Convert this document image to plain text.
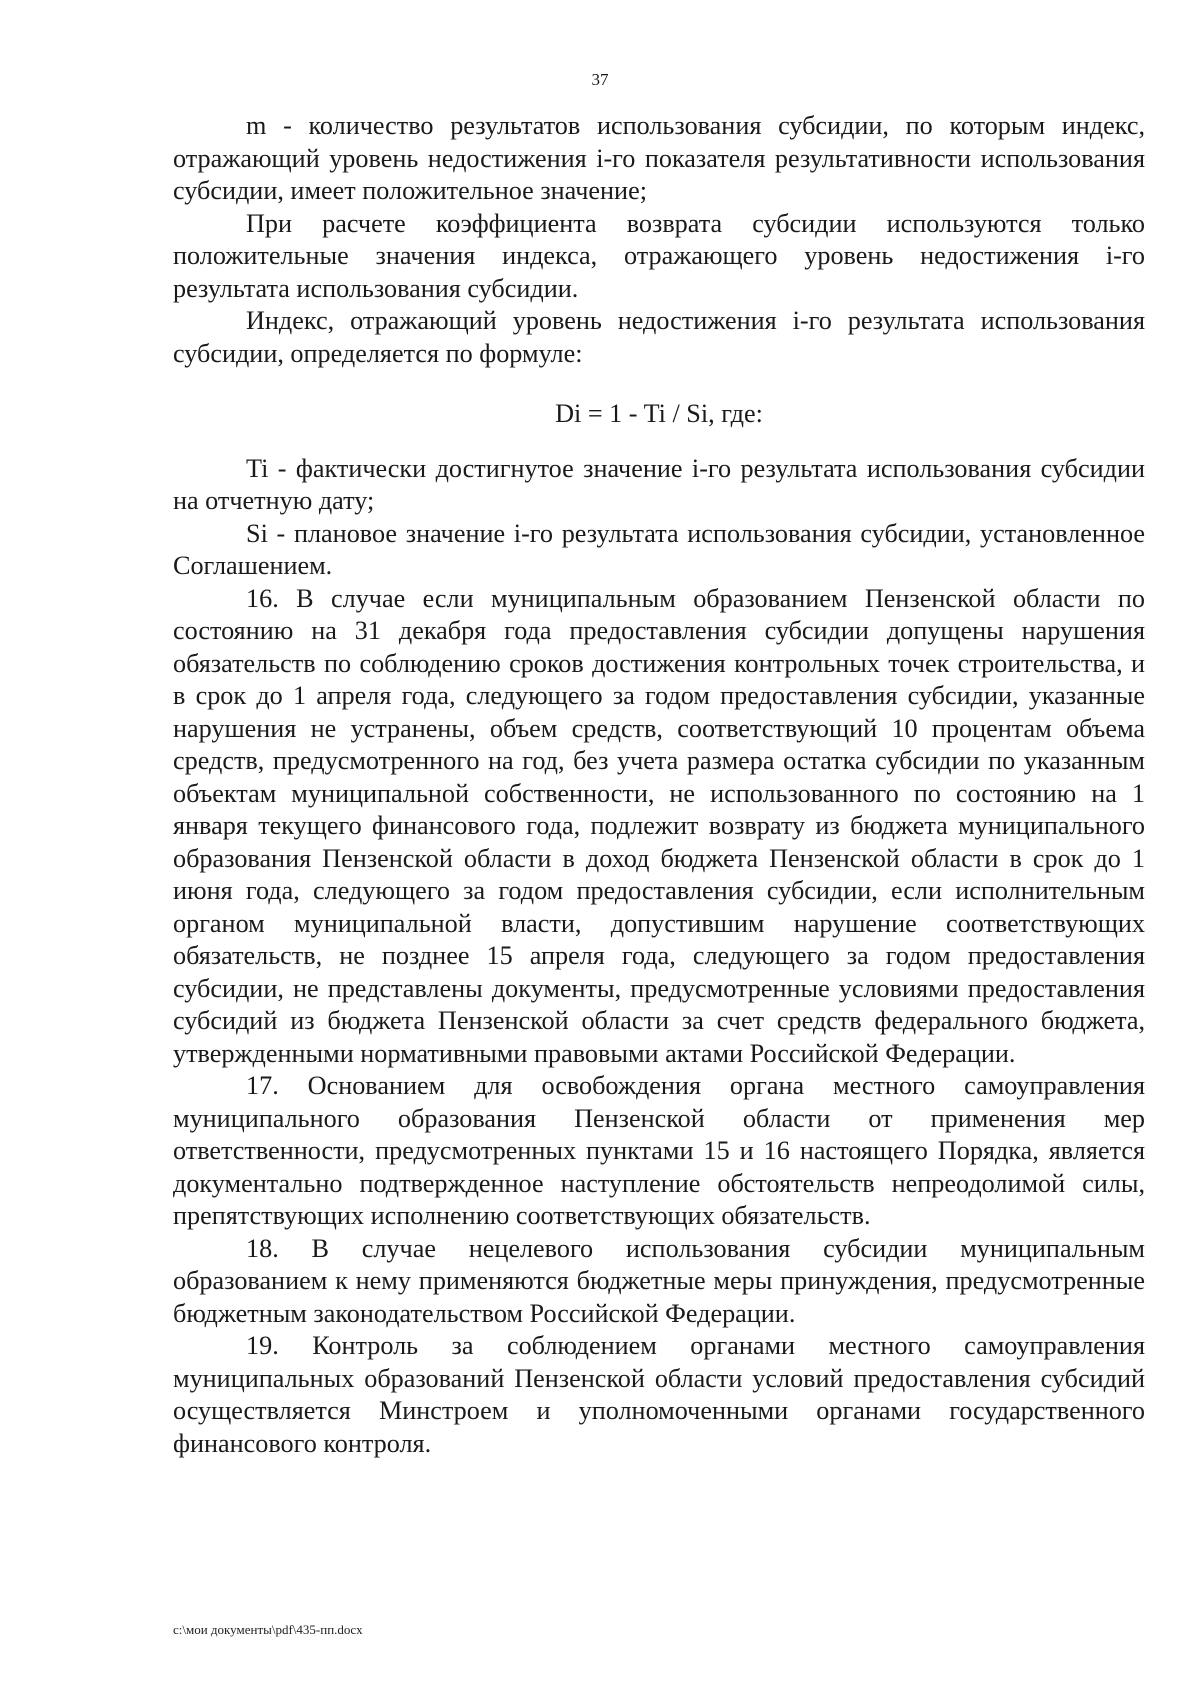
37

m - количество результатов использования субсидии, по которым индекс, отражающий уровень недостижения i-го показателя результативности использования субсидии, имеет положительное значение;

При расчете коэффициента возврата субсидии используются только положительные значения индекса, отражающего уровень недостижения i-го результата использования субсидии.

Индекс, отражающий уровень недостижения i-го результата использования субсидии, определяется по формуле:

Di = 1 - Ti / Si, где:

Ti - фактически достигнутое значение i-го результата использования субсидии на отчетную дату;

Si - плановое значение i-го результата использования субсидии, установленное Соглашением.

16. В случае если муниципальным образованием Пензенской области по состоянию на 31 декабря года предоставления субсидии допущены нарушения обязательств по соблюдению сроков достижения контрольных точек строительства, и в срок до 1 апреля года, следующего за годом предоставления субсидии, указанные нарушения не устранены, объем средств, соответствующий 10 процентам объема средств, предусмотренного на год, без учета размера остатка субсидии по указанным объектам муниципальной собственности, не использованного по состоянию на 1 января текущего финансового года, подлежит возврату из бюджета муниципального образования Пензенской области в доход бюджета Пензенской области в срок до 1 июня года, следующего за годом предоставления субсидии, если исполнительным органом муниципальной власти, допустившим нарушение соответствующих обязательств, не позднее 15 апреля года, следующего за годом предоставления субсидии, не представлены документы, предусмотренные условиями предоставления субсидий из бюджета Пензенской области за счет средств федерального бюджета, утвержденными нормативными правовыми актами Российской Федерации.

17. Основанием для освобождения органа местного самоуправления муниципального образования Пензенской области от применения мер ответственности, предусмотренных пунктами 15 и 16 настоящего Порядка, является документально подтвержденное наступление обстоятельств непреодолимой силы, препятствующих исполнению соответствующих обязательств.

18. В случае нецелевого использования субсидии муниципальным образованием к нему применяются бюджетные меры принуждения, предусмотренные бюджетным законодательством Российской Федерации.

19. Контроль за соблюдением органами местного самоуправления муниципальных образований Пензенской области условий предоставления субсидий осуществляется Минстроем и уполномоченными органами государственного финансового контроля.

c:\мои документы\pdf\435-пп.docx
